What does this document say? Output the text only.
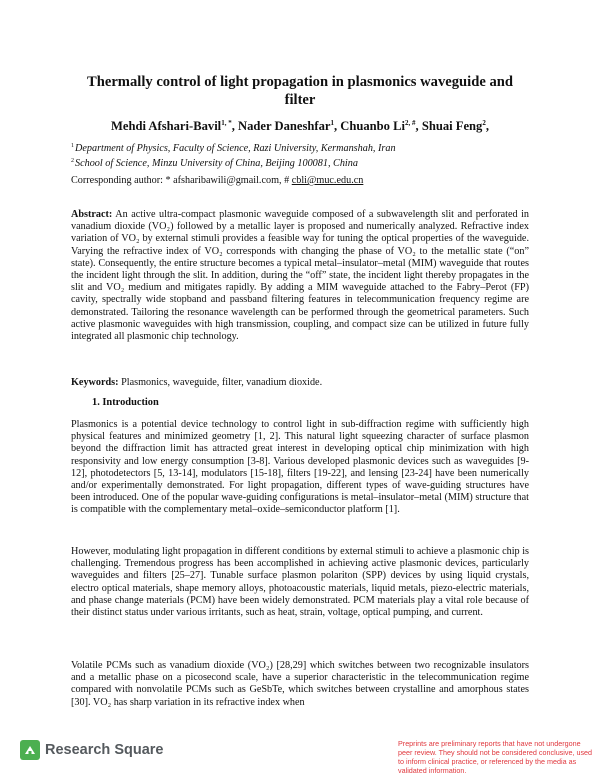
Thermally control of light propagation in plasmonics waveguide and filter
Mehdi Afshari-Bavil$^{1, *}$, Nader Daneshfar$^1$, Chuanbo $Li^{2, \#}$, Shuai Feng$^2$,
$^1$Department of Physics, Faculty of Science, Razi University, Kermanshah, Iran
$^2$School of Science, Minzu University of China, Beijing 100081, China
Corresponding author: * afsharibawili@gmail.com, # cbli@muc.edu.cn
Abstract: An active ultra-compact plasmonic waveguide composed of a subwavelength slit and perforated in vanadium dioxide (VO₂) followed by a metallic layer is proposed and numerically analyzed. Refractive index variation of VO₂ by external stimuli provides a feasible way for tuning the optical properties of the waveguide. Varying the refractive index of VO₂ corresponds with changing the phase of VO₂ to the metallic state (“on” state). Consequently, the entire structure becomes a typical metal–insulator–metal (MIM) waveguide that routes the incident light through the slit. In addition, during the “off” state, the incident light thereby propagates in the slit and VO₂ medium and mitigates rapidly. By adding a MIM waveguide attached to the Fabry–Perot (FP) cavity, spectrally wide stopband and passband filtering features in telecommunication frequency regime are demonstrated. Tailoring the resonance wavelength can be performed through the geometrical parameters. Such active plasmonic waveguides with high transmission, coupling, and compact size can be utilized in future fully integrated all plasmonic chip technology.
Keywords: Plasmonics, waveguide, filter, vanadium dioxide.
1. Introduction
Plasmonics is a potential device technology to control light in sub-diffraction regime with sufficiently high physical features and minimized geometry [1, 2]. This natural light squeezing character of surface plasmon beyond the diffraction limit has attracted great interest in developing optical chip minimization with high responsivity and low energy consumption [3-8]. Various developed plasmonic devices such as waveguides [9-12], photodetectors [5, 13-14], modulators [15-18], filters [19-22], and lensing [23-24] have been numerically and/or experimentally demonstrated. For light propagation, different types of wave-guiding structures have been introduced. One of the popular wave-guiding configurations is metal–insulator–metal (MIM) structure that is compatible with the complementary metal–oxide–semiconductor platform [1].
However, modulating light propagation in different conditions by external stimuli to achieve a plasmonic chip is challenging. Tremendous progress has been accomplished in achieving active plasmonic devices, particularly waveguides and filters [25–27]. Tunable surface plasmon polariton (SPP) devices by using liquid crystals, electro optical materials, shape memory alloys, photoacoustic materials, liquid metals, piezo-electric materials, and phase change materials (PCM) have been widely demonstrated. PCM materials play a vital role because of their distinct status under various irritants, such as heat, strain, voltage, optical pumping, and current.
Volatile PCMs such as vanadium dioxide (VO₂) [28,29] which switches between two recognizable insulators and a metallic phase on a picosecond scale, have a superior characteristic in the telecommunication regime compared with nonvolatile PCMs such as GeSbTe, which switches between crystalline and amorphous states [30]. VO₂ has sharp variation in its refractive index when
Research Square	Preprints are preliminary reports that have not undergone peer review. They should not be considered conclusive, used to inform clinical practice, or referenced by the media as validated information.
